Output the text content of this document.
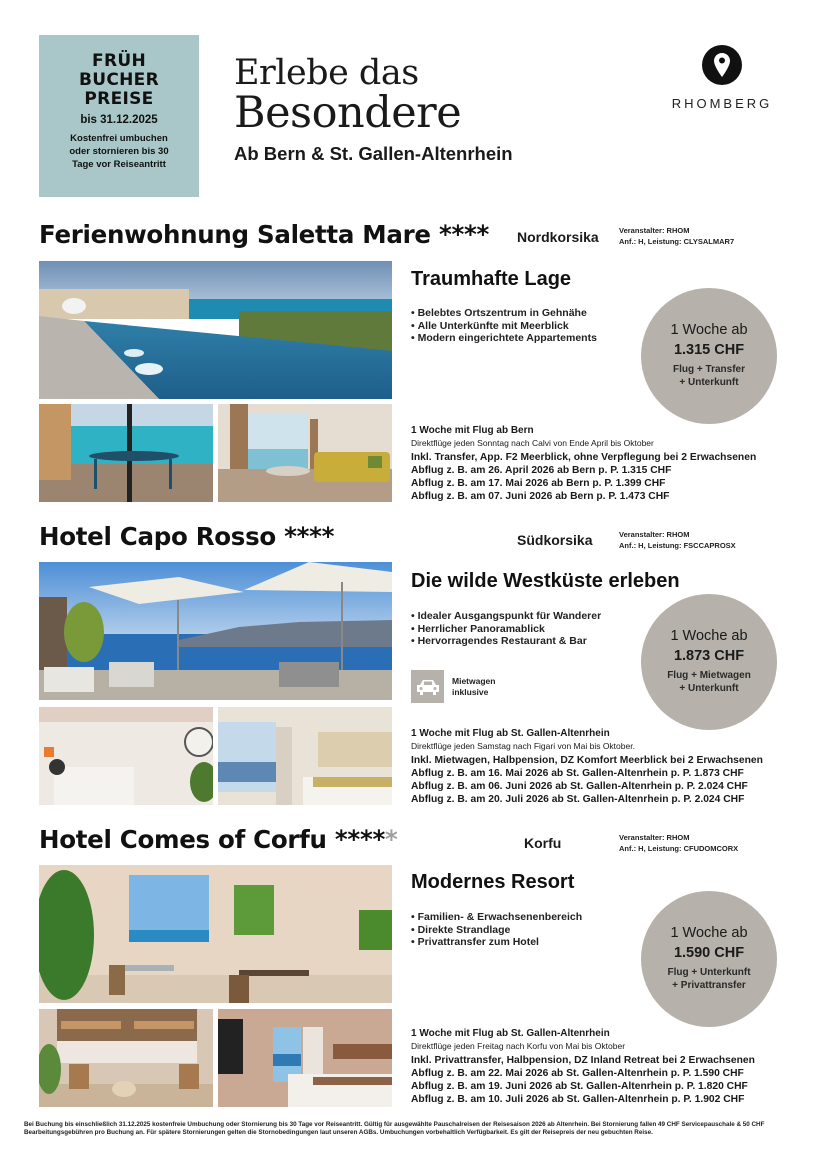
FRÜH
BUCHER
PREISE
bis 31.12.2025
Kostenfrei umbuchen
oder stornieren bis 30
Tage vor Reiseantritt
Erlebe das
Besondere
Ab Bern & St. Gallen-Altenrhein
RHOMBERG
Ferienwohnung Saletta Mare **** Nordkorsika	Veranstalter: RHOM
Anf.: H, Leistung: CLYSALMAR7
Traumhafte Lage
• Belebtes Ortszentrum in Gehnähe
• Alle Unterkünfte mit Meerblick
• Modern eingerichtete Appartements	1 Woche ab
1.315 CHF
Flug + Transfer
+ Unterkunft
1 Woche mit Flug ab Bern
Direktflüge jeden Sonntag nach Calvi von Ende April bis Oktober
Inkl. Transfer, App. F2 Meerblick, ohne Verpflegung bei 2 Erwachsenen
Abflug z. B. am 26. April 2026 ab Bern p. P. 1.315 CHF
Abflug z. B. am 17. Mai 2026 ab Bern p. P. 1.399 CHF
Abflug z. B. am 07. Juni 2026 ab Bern p. P. 1.473 CHF
Hotel Capo Rosso ****	Südkorsika	Veranstalter: RHOM
Anf.: H, Leistung: FSCCAPROSX
Die wilde Westküste erleben
• Idealer Ausgangspunkt für Wanderer
• Herrlicher Panoramablick
• Hervorragendes Restaurant & Bar
Mietwagen
inklusive
1 Woche ab
1.873 CHF
Flug + Mietwagen
+ Unterkunft
1 Woche mit Flug ab St. Gallen-Altenrhein
Direktflüge jeden Samstag nach Figari von Mai bis Oktober.
Inkl. Mietwagen, Halbpension, DZ Komfort Meerblick bei 2 Erwachsenen
Abflug z. B. am 16. Mai 2026 ab St. Gallen-Altenrhein p. P. 1.873 CHF
Abflug z. B. am 06. Juni 2026 ab St. Gallen-Altenrhein p. P. 2.024 CHF
Abflug z. B. am 20. Juli 2026 ab St. Gallen-Altenrhein p. P. 2.024 CHF
Hotel Comes of Corfu *****	Korfu	Veranstalter: RHOM
Anf.: H, Leistung: CFUDOMCORX
Modernes Resort
• Familien- & Erwachsenenbereich
• Direkte Strandlage
• Privattransfer zum Hotel
1 Woche ab
1.590 CHF
Flug + Unterkunft
+ Privattransfer
1 Woche mit Flug ab St. Gallen-Altenrhein
Direktflüge jeden Freitag nach Korfu von Mai bis Oktober
Inkl. Privattransfer, Halbpension, DZ Inland Retreat bei 2 Erwachsenen
Abflug z. B. am 22. Mai 2026 ab St. Gallen-Altenrhein p. P. 1.590 CHF
Abflug z. B. am 19. Juni 2026 ab St. Gallen-Altenrhein p. P. 1.820 CHF
Abflug z. B. am 10. Juli 2026 ab St. Gallen-Altenrhein p. P. 1.902 CHF
Bei Buchung bis einschließlich 31.12.2025 kostenfreie Umbuchung oder Stornierung bis 30 Tage vor Reiseantritt. Gültig für ausgewählte Pauschalreisen der Reisesaison 2026 ab Altenrhein. Bei Stornierung fallen 49 CHF Servicepauschale & 50 CHF Bearbeitungsgebühren pro Buchung an. Für spätere Stornierungen gelten die Stornobedingungen laut unseren AGBs. Umbuchungen vorbehaltlich Verfügbarkeit. Es gilt der Reisepreis der neu gebuchten Reise.
